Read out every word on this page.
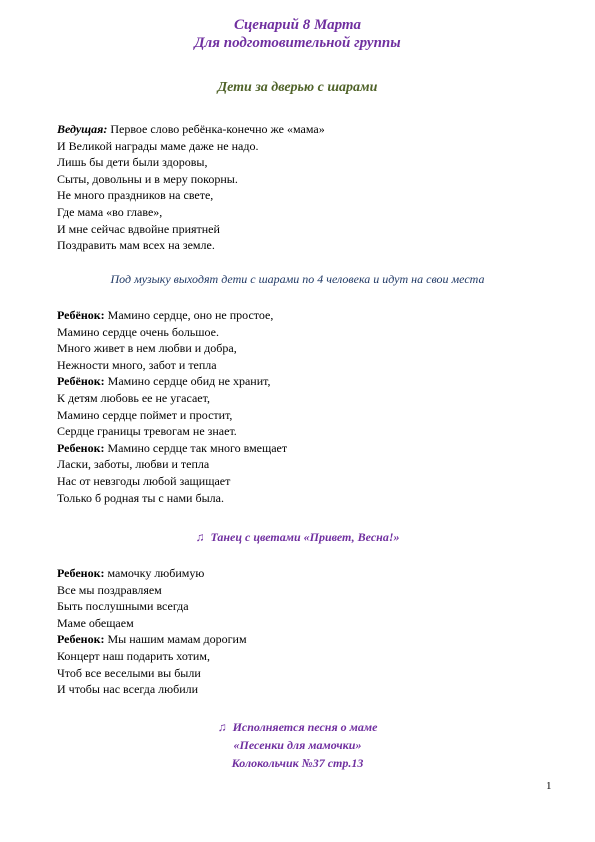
Сценарий 8 Марта
Для подготовительной группы
Дети за дверью с шарами
Ведущая: Первое слово ребёнка-конечно же «мама»
И Великой награды маме даже не надо.
Лишь бы дети были здоровы,
Сыты, довольны и в меру покорны.
Не много праздников на свете,
Где мама «во главе»,
И мне сейчас вдвойне приятней
Поздравить мам всех на земле.
Под музыку выходят дети с шарами по 4 человека и идут на свои места
Ребёнок: Мамино сердце, оно не простое,
Мамино сердце очень большое.
Много живет в нем любви и добра,
Нежности много, забот и тепла
Ребёнок: Мамино сердце обид не хранит,
К детям любовь ее не угасает,
Мамино сердце поймет и простит,
Сердце границы тревогам не знает.
Ребенок: Мамино сердце так много вмещает
Ласки, заботы, любви и тепла
Нас от невзгоды любой защищает
Только б родная ты с нами была.
♫ Танец с цветами «Привет, Весна!»
Ребенок: мамочку любимую
Все мы поздравляем
Быть послушными всегда
Маме обещаем
Ребенок: Мы нашим мамам дорогим
Концерт наш подарить хотим,
Чтоб все веселыми вы были
И чтобы нас всегда любили
♫ Исполняется песня о маме
«Песенки для мамочки»
Колокольчик №37 стр.13
1
